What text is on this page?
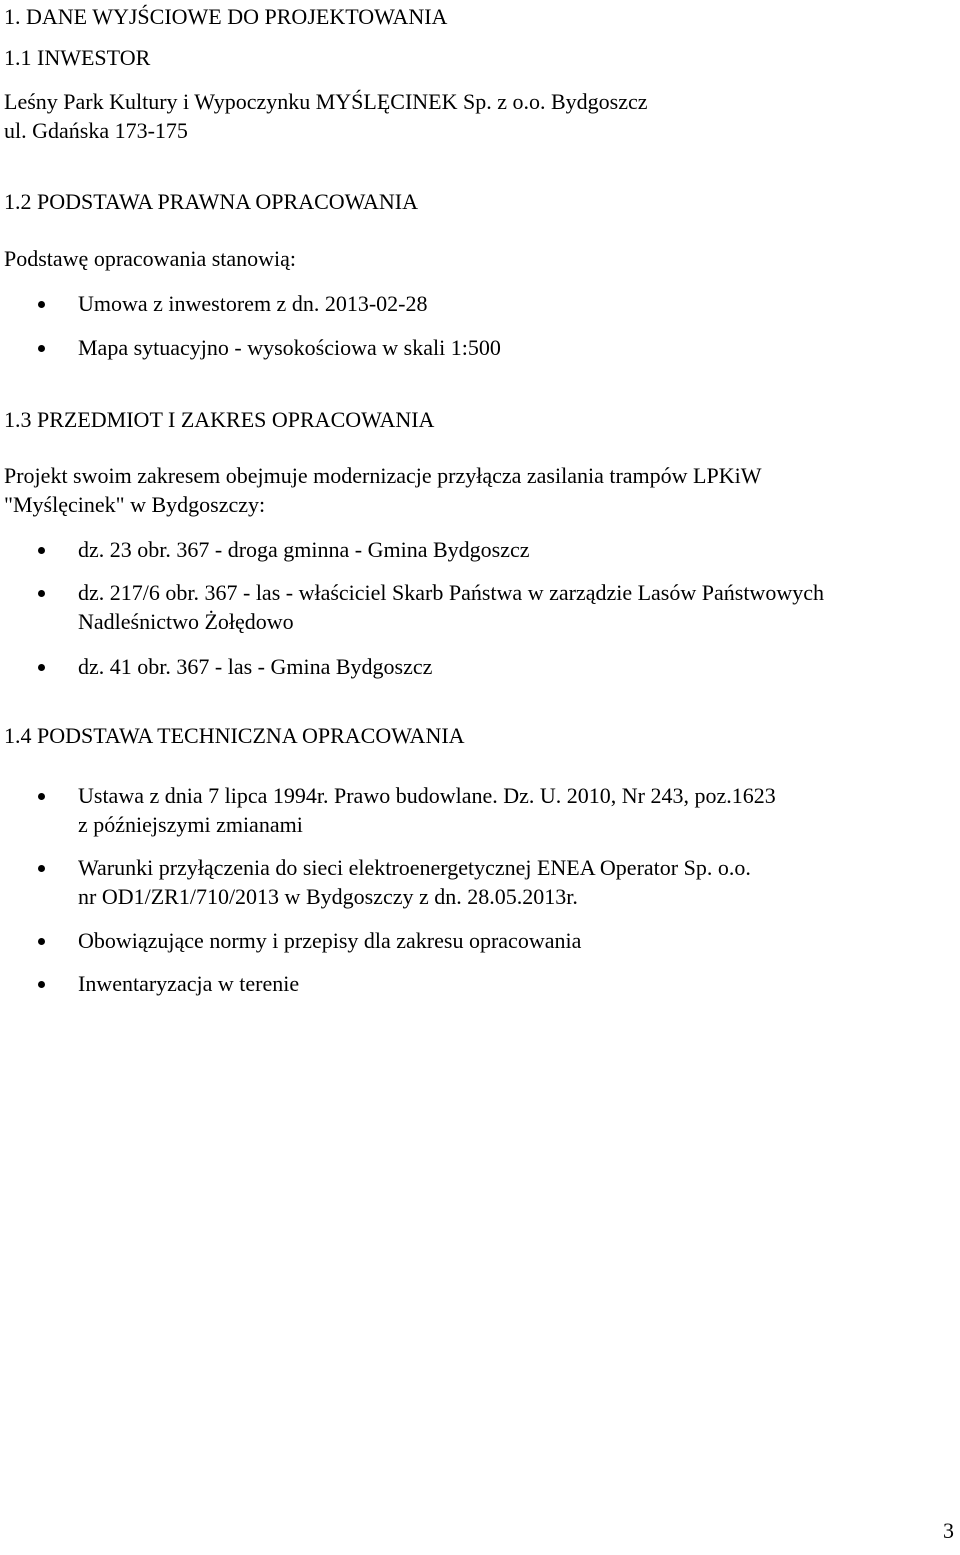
1. DANE WYJŚCIOWE DO PROJEKTOWANIA
1.1 INWESTOR
Leśny Park Kultury i Wypoczynku MYŚLĘCINEK Sp. z o.o. Bydgoszcz
ul. Gdańska 173-175
1.2 PODSTAWA PRAWNA OPRACOWANIA
Podstawę opracowania stanowią:
Umowa z inwestorem z dn. 2013-02-28
Mapa sytuacyjno - wysokościowa w skali 1:500
1.3 PRZEDMIOT I ZAKRES OPRACOWANIA
Projekt swoim zakresem obejmuje modernizacje przyłącza zasilania trampów LPKiW
"Myślęcinek" w Bydgoszczy:
dz. 23 obr. 367 - droga gminna - Gmina Bydgoszcz
dz. 217/6 obr. 367 - las - właściciel Skarb Państwa w zarządzie Lasów Państwowych
Nadleśnictwo Żołędowo
dz. 41 obr. 367 - las - Gmina Bydgoszcz
1.4 PODSTAWA TECHNICZNA OPRACOWANIA
Ustawa z dnia 7 lipca 1994r. Prawo budowlane. Dz. U. 2010, Nr 243, poz.1623
z późniejszymi zmianami
Warunki przyłączenia do sieci elektroenergetycznej ENEA Operator Sp. o.o.
nr OD1/ZR1/710/2013 w Bydgoszczy z dn. 28.05.2013r.
Obowiązujące normy i przepisy dla zakresu opracowania
Inwentaryzacja w terenie
3
